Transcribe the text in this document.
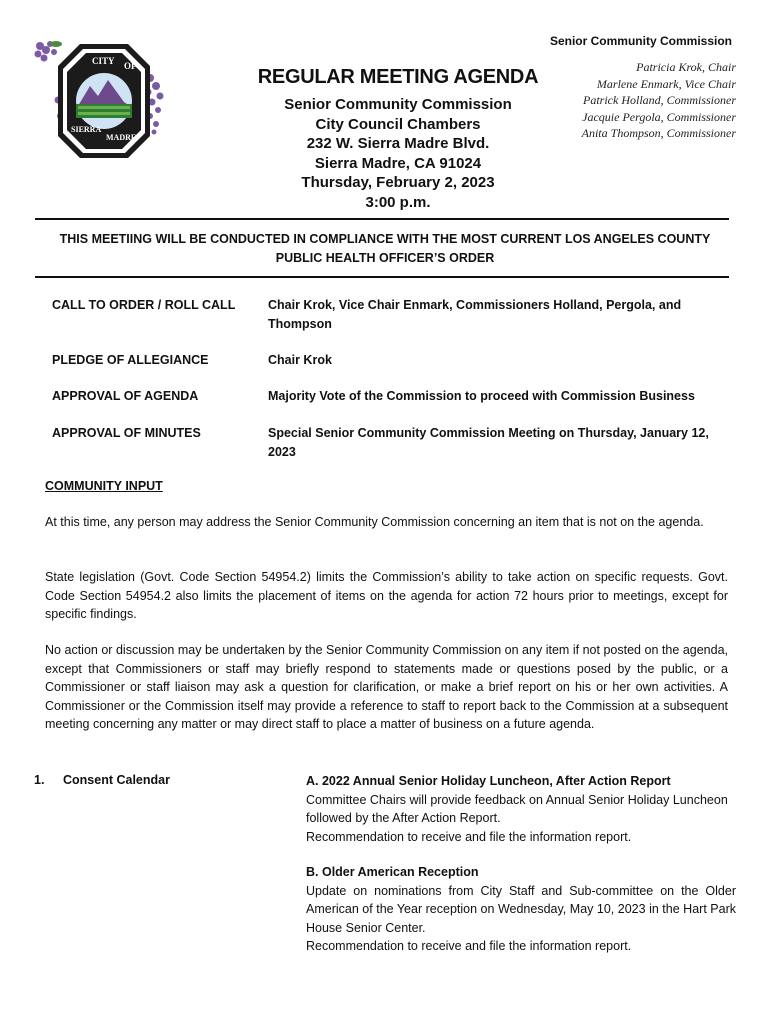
CITY OF
SIERRA
MADRE
Senior Community Commission
Patricia Krok, Chair
Marlene Enmark, Vice Chair
Patrick Holland, Commissioner
Jacquie Pergola, Commissioner
Anita Thompson, Commissioner
REGULAR MEETING AGENDA
Senior Community Commission
City Council Chambers
232 W. Sierra Madre Blvd.
Sierra Madre, CA 91024
Thursday, February 2, 2023
3:00 p.m.
THIS MEETIING WILL BE CONDUCTED IN COMPLIANCE WITH THE MOST CURRENT LOS ANGELES COUNTY PUBLIC HEALTH OFFICER’S ORDER
CALL TO ORDER / ROLL CALL	Chair Krok, Vice Chair Enmark, Commissioners Holland, Pergola, and Thompson
PLEDGE OF ALLEGIANCE	Chair Krok
APPROVAL OF AGENDA	Majority Vote of the Commission to proceed with Commission Business
APPROVAL OF MINUTES	Special Senior Community Commission Meeting on Thursday, January 12, 2023
COMMUNITY INPUT
At this time, any person may address the Senior Community Commission concerning an item that is not on the agenda.
State legislation (Govt. Code Section 54954.2) limits the Commission’s ability to take action on specific requests. Govt. Code Section 54954.2 also limits the placement of items on the agenda for action 72 hours prior to meetings, except for specific findings.
No action or discussion may be undertaken by the Senior Community Commission on any item if not posted on the agenda, except that Commissioners or staff may briefly respond to statements made or questions posed by the public, or a Commissioner or staff liaison may ask a question for clarification, or make a brief report on his or her own activities. A Commissioner or the Commission itself may provide a reference to staff to report back to the Commission at a subsequent meeting concerning any matter or may direct staff to place a matter of business on a future agenda.
1. Consent Calendar	A. 2022 Annual Senior Holiday Luncheon, After Action Report
Committee Chairs will provide feedback on Annual Senior Holiday Luncheon followed by the After Action Report.
Recommendation to receive and file the information report.
B. Older American Reception
Update on nominations from City Staff and Sub-committee on the Older American of the Year reception on Wednesday, May 10, 2023 in the Hart Park House Senior Center.
Recommendation to receive and file the information report.
